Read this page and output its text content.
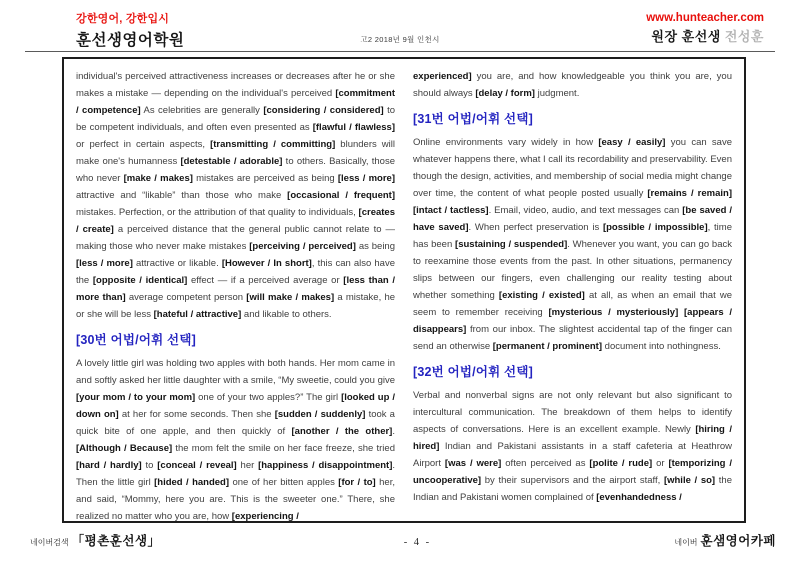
강한영어, 강한입시
훈선생영어학원	고2 2018년 9월 인천시
www.hunteacher.com
원장 훈선생 전성훈
individual's perceived attractiveness increases or decreases after he or she makes a mistake — depending on the individual's perceived [commitment / competence] As celebrities are generally [considering / considered] to be competent individuals, and often even presented as [flawful / flawless] or perfect in certain aspects, [transmitting / committing] blunders will make one's humanness [detestable / adorable] to others. Basically, those who never [make / makes] mistakes are perceived as being [less / more] attractive and “likable” than those who make [occasional / frequent] mistakes. Perfection, or the attribution of that quality to individuals, [creates / create] a perceived distance that the general public cannot relate to — making those who never make mistakes [perceiving / perceived] as being [less / more] attractive or likable. [However / In short], this can also have the [opposite / identical] effect — if a perceived average or [less than / more than] average competent person [will make / makes] a mistake, he or she will be less [hateful / attractive] and likable to others.
[30번 어법/어휘 선택]
A lovely little girl was holding two apples with both hands. Her mom came in and softly asked her little daughter with a smile, “My sweetie, could you give [your mom / to your mom] one of your two apples?” The girl [looked up / down on] at her for some seconds. Then she [sudden / suddenly] took a quick bite of one apple, and then quickly of [another / the other]. [Although / Because] the mom felt the smile on her face freeze, she tried [hard / hardly] to [conceal / reveal] her [happiness / disappointment]. Then the little girl [hided / handed] one of her bitten apples [for / to] her, and said, “Mommy, here you are. This is the sweeter one.” There, she realized no matter who you are, how [experiencing /
experienced] you are, and how knowledgeable you think you are, you should always [delay / form] judgment.
[31번 어법/어휘 선택]
Online environments vary widely in how [easy / easily] you can save whatever happens there, what I call its recordability and preservability. Even though the design, activities, and membership of social media might change over time, the content of what people posted usually [remains / remain] [intact / tactless]. Email, video, audio, and text messages can [be saved / have saved]. When perfect preservation is [possible / impossible], time has been [sustaining / suspended]. Whenever you want, you can go back to reexamine those events from the past. In other situations, permanency slips between our fingers, even challenging our reality testing about whether something [existing / existed] at all, as when an email that we seem to remember receiving [mysterious / mysteriously] [appears / disappears] from our inbox. The slightest accidental tap of the finger can send an otherwise [permanent / prominent] document into nothingness.
[32번 어법/어휘 선택]
Verbal and nonverbal signs are not only relevant but also significant to intercultural communication. The breakdown of them helps to identify aspects of conversations. Here is an excellent example. Newly [hiring / hired] Indian and Pakistani assistants in a staff cafeteria at Heathrow Airport [was / were] often perceived as [polite / rude] or [temporizing / uncooperative] by their supervisors and the airport staff, [while / so] the Indian and Pakistani women complained of [evenhandedness /
네이버검색 「평촌훈선생」	- 4 -	네이버 훈샘영어카페
